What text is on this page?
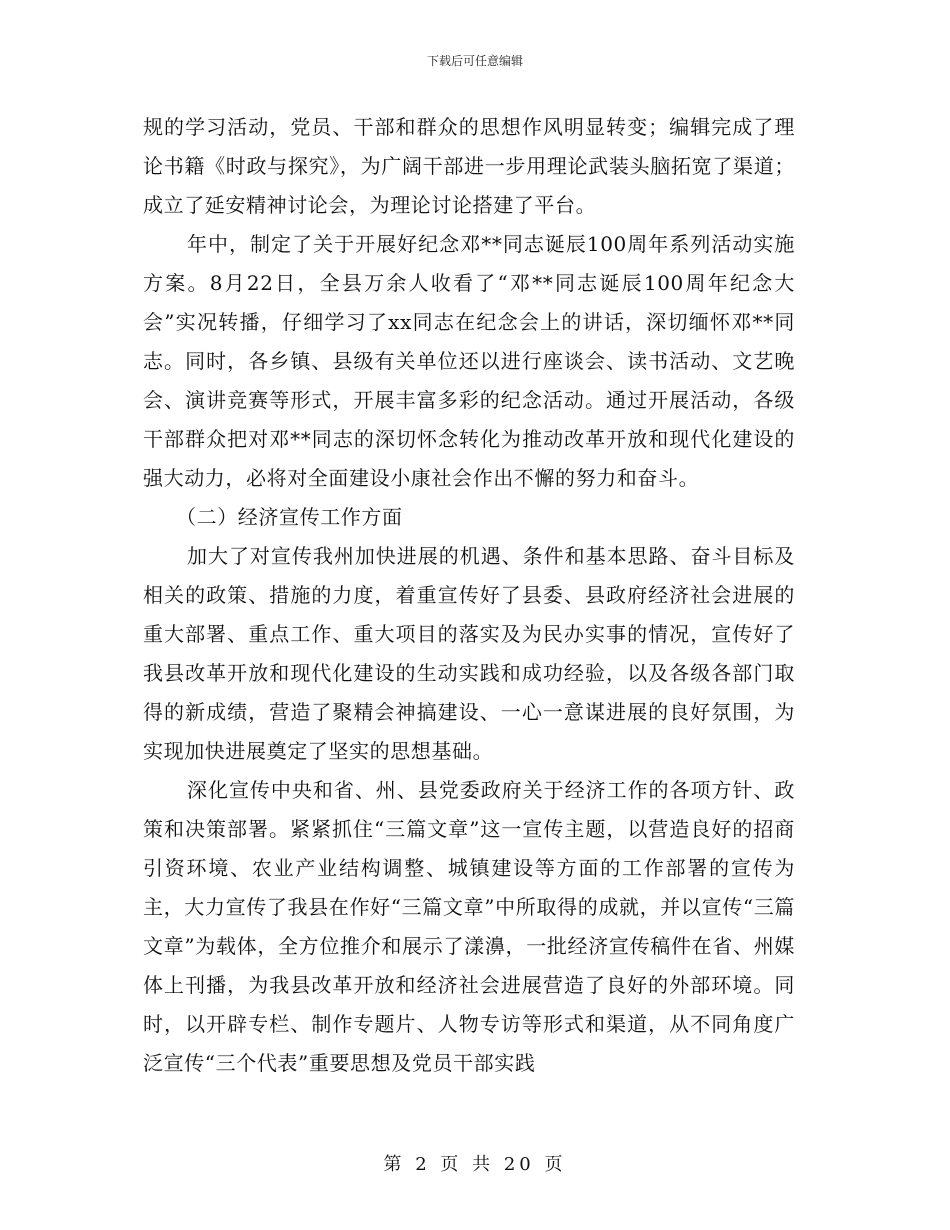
下载后可任意编辑

规的学习活动，党员、干部和群众的思想作风明显转变；编辑完成了理论书籍《时政与探究》，为广阔干部进一步用理论武装头脑拓宽了渠道；成立了延安精神讨论会，为理论讨论搭建了平台。

年中，制定了关于开展好纪念邓**同志诞辰100周年系列活动实施方案。8月22日，全县万余人收看了“邓**同志诞辰100周年纪念大会”实况转播，仔细学习了xx同志在纪念会上的讲话，深切缅怀邓**同志。同时，各乡镇、县级有关单位还以进行座谈会、读书活动、文艺晚会、演讲竞赛等形式，开展丰富多彩的纪念活动。通过开展活动，各级干部群众把对邓**同志的深切怀念转化为推动改革开放和现代化建设的强大动力，必将对全面建设小康社会作出不懈的努力和奋斗。

（二）经济宣传工作方面

加大了对宣传我州加快进展的机遇、条件和基本思路、奋斗目标及相关的政策、措施的力度，着重宣传好了县委、县政府经济社会进展的重大部署、重点工作、重大项目的落实及为民办实事的情况，宣传好了我县改革开放和现代化建设的生动实践和成功经验，以及各级各部门取得的新成绩，营造了聚精会神搞建设、一心一意谋进展的良好氛围，为实现加快进展奠定了坚实的思想基础。

深化宣传中央和省、州、县党委政府关于经济工作的各项方针、政策和决策部署。紧紧抓住“三篇文章”这一宣传主题，以营造良好的招商引资环境、农业产业结构调整、城镇建设等方面的工作部署的宣传为主，大力宣传了我县在作好“三篇文章”中所取得的成就，并以宣传“三篇文章”为载体，全方位推介和展示了漾濞，一批经济宣传稿件在省、州媒体上刊播，为我县改革开放和经济社会进展营造了良好的外部环境。同时，以开辟专栏、制作专题片、人物专访等形式和渠道，从不同角度广泛宣传“三个代表”重要思想及党员干部实践

第 2 页 共 20 页
